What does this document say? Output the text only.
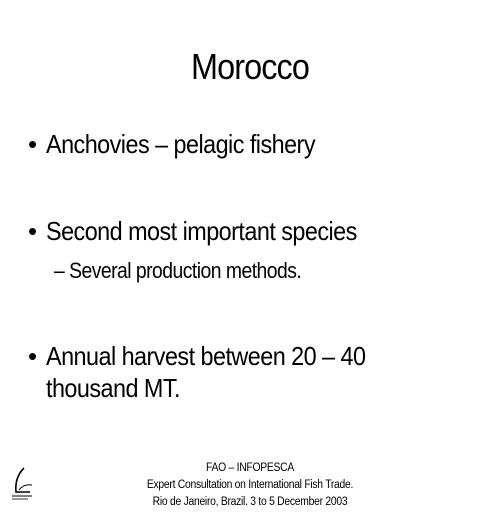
Morocco
• Anchovies – pelagic fishery
• Second most important species
– Several production methods.
• Annual harvest between 20 – 40 thousand MT.
FAO – INFOPESCA
Expert Consultation on International Fish Trade.
Rio de Janeiro, Brazil. 3 to 5 December 2003
